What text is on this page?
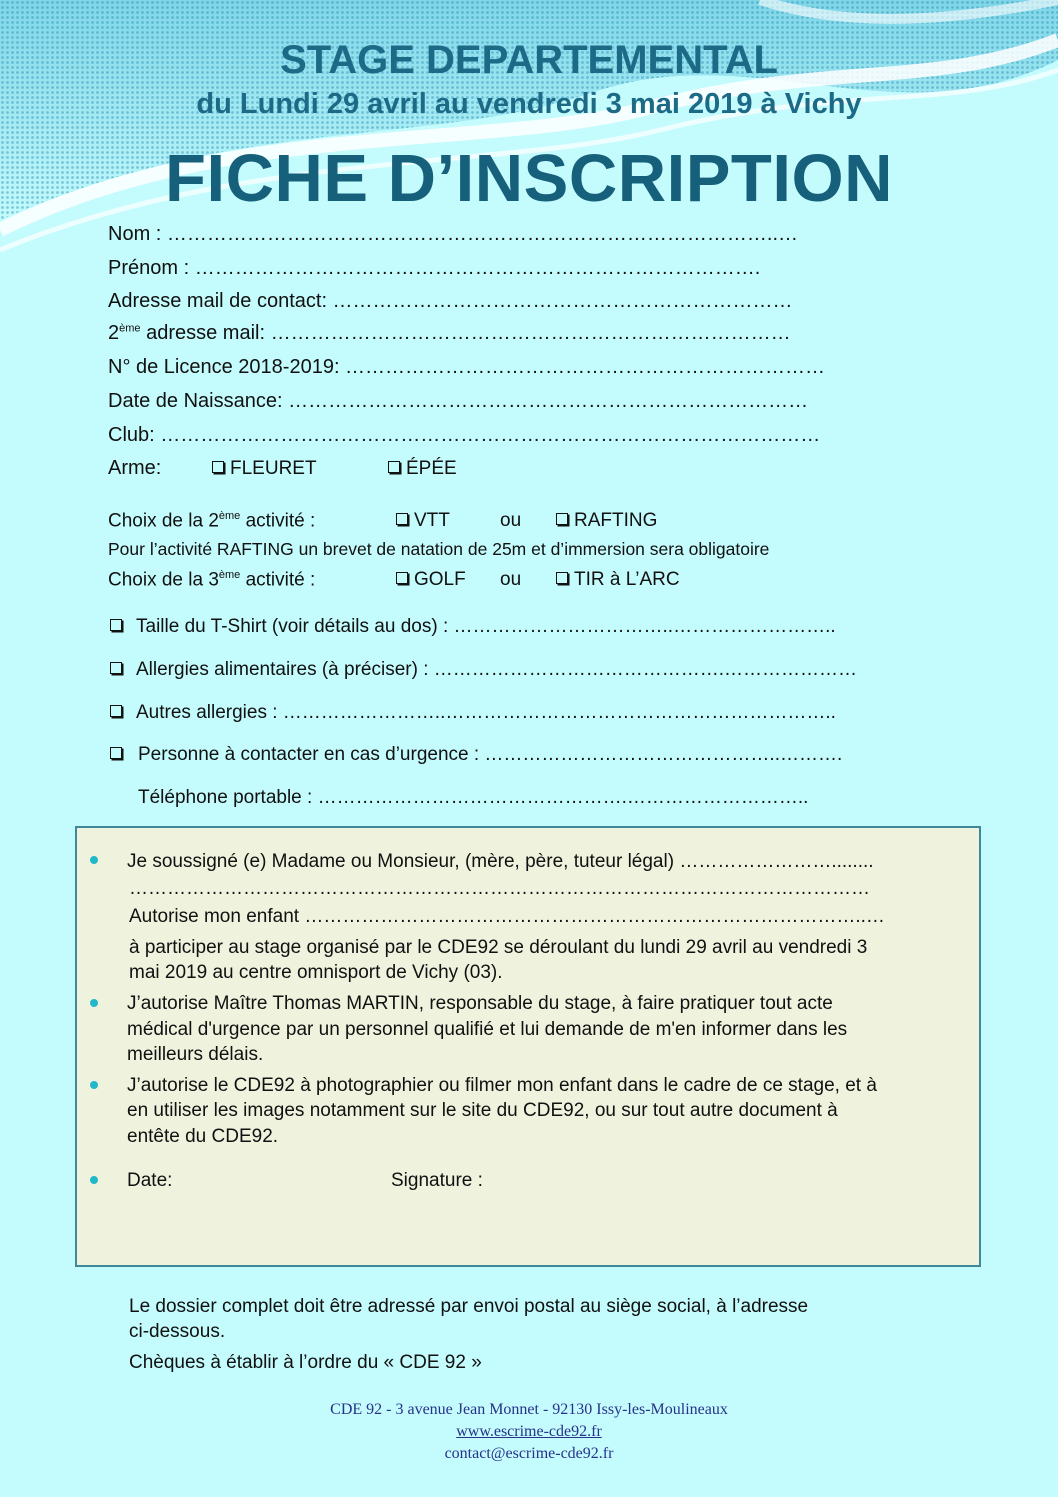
STAGE DEPARTEMENTAL
du Lundi 29 avril au vendredi 3 mai 2019 à Vichy
FICHE D’INSCRIPTION
Nom : ………………………………………………………………………………..…
Prénom : ………………………………………………………………………….
Adresse mail de contact: ……………………………………………………………
2ème adresse mail: ……………………………………………………………………
N° de Licence 2018-2019: ………………………………………………………………
Date de Naissance: ……………………………………………………………………
Club: ………………………………………………………………………………………
Arme:	FLEURET	ÉPÉE
Choix de la 2ème activité :	VTT	ou	RAFTING
Pour l’activité RAFTING un brevet de natation de 25m et d’immersion sera obligatoire
Choix de la 3ème activité :	GOLF ou	TIR à L’ARC
Taille du T-Shirt (voir détails au dos) : ……………………………..……………………..
Allergies alimentaires (à préciser) : ……………………………………….…………………
Autres allergies : ……………………..……………………………………………………..
Personne à contacter en cas d’urgence : ………………………………………..……….
Téléphone portable : ………………………………………….………………………..
Je soussigné (e) Madame ou Monsieur, (mère, père, tuteur légal) ……………………........
………………………………………………………………………………………………………
Autorise mon enfant ……………………………………………………………………………..…
à participer au stage organisé par le CDE92 se déroulant du lundi 29 avril au vendredi 3
mai 2019 au centre omnisport de Vichy (03).
J’autorise Maître Thomas MARTIN, responsable du stage, à faire pratiquer tout acte
médical d'urgence par un personnel qualifié et lui demande de m'en informer dans les
meilleurs délais.
J’autorise le CDE92 à photographier ou filmer mon enfant dans le cadre de ce stage, et à
en utiliser les images notamment sur le site du CDE92, ou sur tout autre document à
entête du CDE92.
Date:	Signature :
Le dossier complet doit être adressé par envoi postal au siège social, à l’adresse
ci-dessous.
Chèques à établir à l’ordre du « CDE 92 »
CDE 92 - 3 avenue Jean Monnet - 92130 Issy-les-Moulineaux
www.escrime-cde92.fr
contact@escrime-cde92.fr
